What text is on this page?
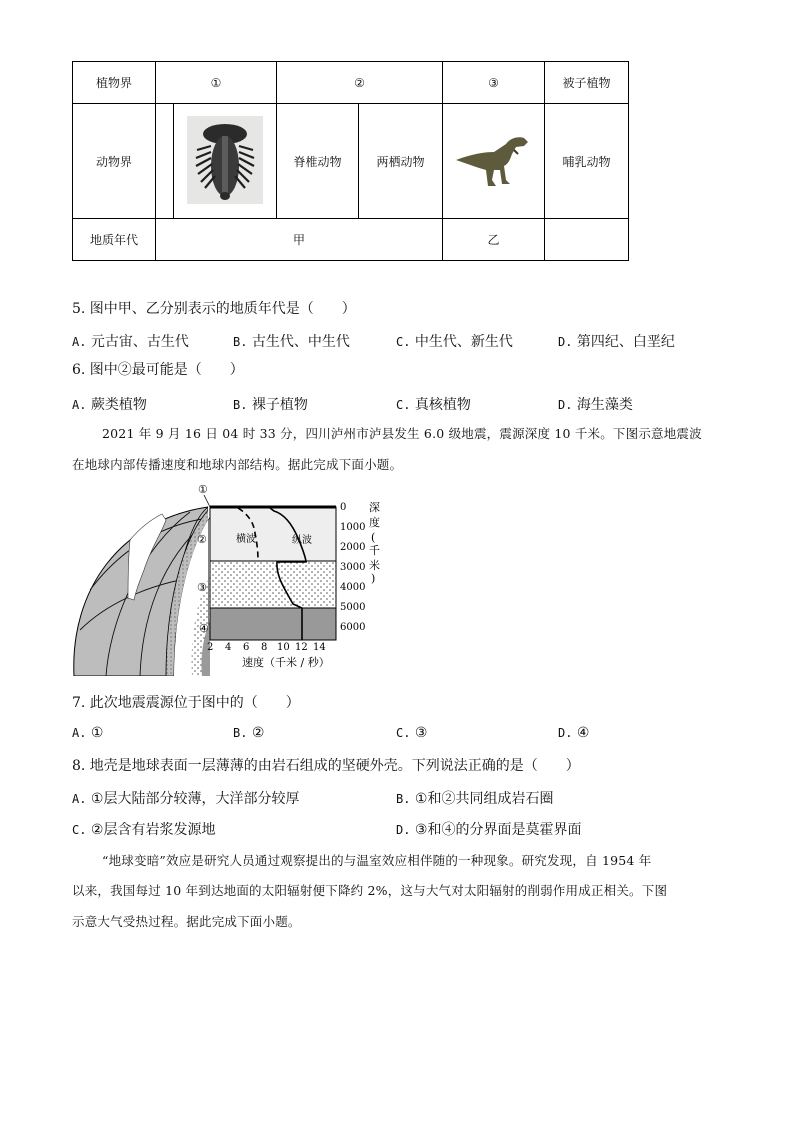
植物界	①		②		③	被子植物
动物界			脊椎动物	两栖动物		哺乳动物
地质年代	甲				乙	
5. 图中甲、乙分别表示的地质年代是（　　）
A. 元古宙、古生代	B. 古生代、中生代	C. 中生代、新生代	D. 第四纪、白垩纪
6. 图中②最可能是（　　）
A. 蕨类植物	B. 裸子植物	C. 真核植物	D. 海生藻类
2021 年 9 月 16 日 04 时 33 分，四川泸州市泸县发生 6.0 级地震，震源深度 10 千米。下图示意地震波
在地球内部传播速度和地球内部结构。据此完成下面小题。
横波	纵波
①
②
③
④
0
1000
2000
3000
4000
5000
6000
深
度
(
千
米
)
2 4 6 8 10 12 14
速度（千米 / 秒）
7. 此次地震震源位于图中的（　　）
A. ①	B. ②	C. ③	D. ④
8. 地壳是地球表面一层薄薄的由岩石组成的坚硬外壳。下列说法正确的是（　　）
A. ①层大陆部分较薄，大洋部分较厚	B. ①和②共同组成岩石圈
C. ②层含有岩浆发源地	D. ③和④的分界面是莫霍界面
“地球变暗”效应是研究人员通过观察提出的与温室效应相伴随的一种现象。研究发现，自 1954 年
以来，我国每过 10 年到达地面的太阳辐射便下降约 2%，这与大气对太阳辐射的削弱作用成正相关。下图
示意大气受热过程。据此完成下面小题。
